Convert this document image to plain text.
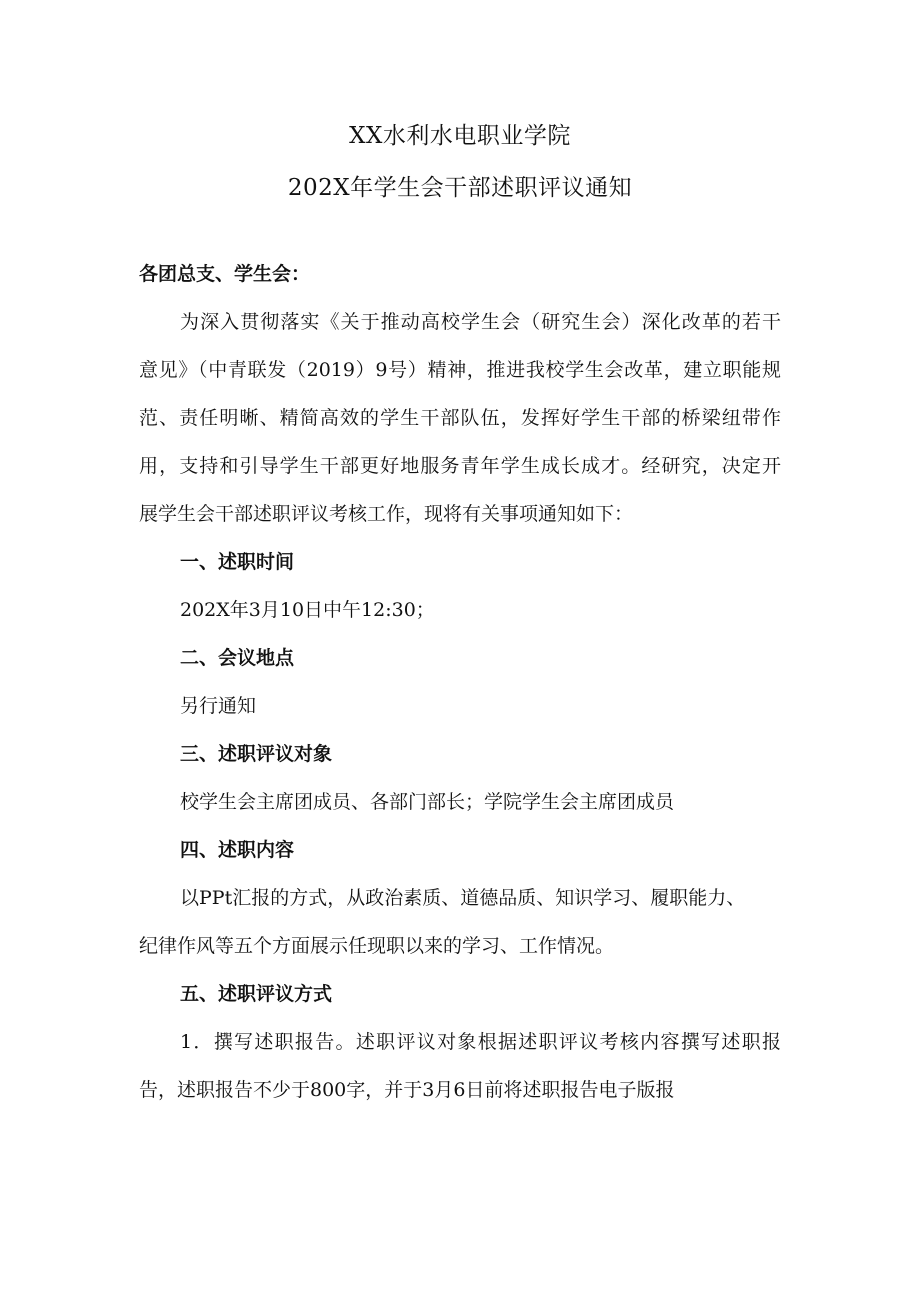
XX水利水电职业学院
202X年学生会干部述职评议通知
各团总支、学生会：
为深入贯彻落实《关于推动高校学生会（研究生会）深化改革的若干
意见》（中青联发（2019）9号）精神，推进我校学生会改革，建立职能规
范、责任明晰、精简高效的学生干部队伍，发挥好学生干部的桥梁纽带作
用，支持和引导学生干部更好地服务青年学生成长成才。经研究，决定开
展学生会干部述职评议考核工作，现将有关事项通知如下：
一、述职时间
202X年3月10日中午12:30；
二、会议地点
另行通知
三、述职评议对象
校学生会主席团成员、各部门部长；学院学生会主席团成员
四、述职内容
以PPt汇报的方式，从政治素质、道德品质、知识学习、履职能力、
纪律作风等五个方面展示任现职以来的学习、工作情况。
五、述职评议方式
1．撰写述职报告。述职评议对象根据述职评议考核内容撰写述职报
告，述职报告不少于800字，并于3月6日前将述职报告电子版报
